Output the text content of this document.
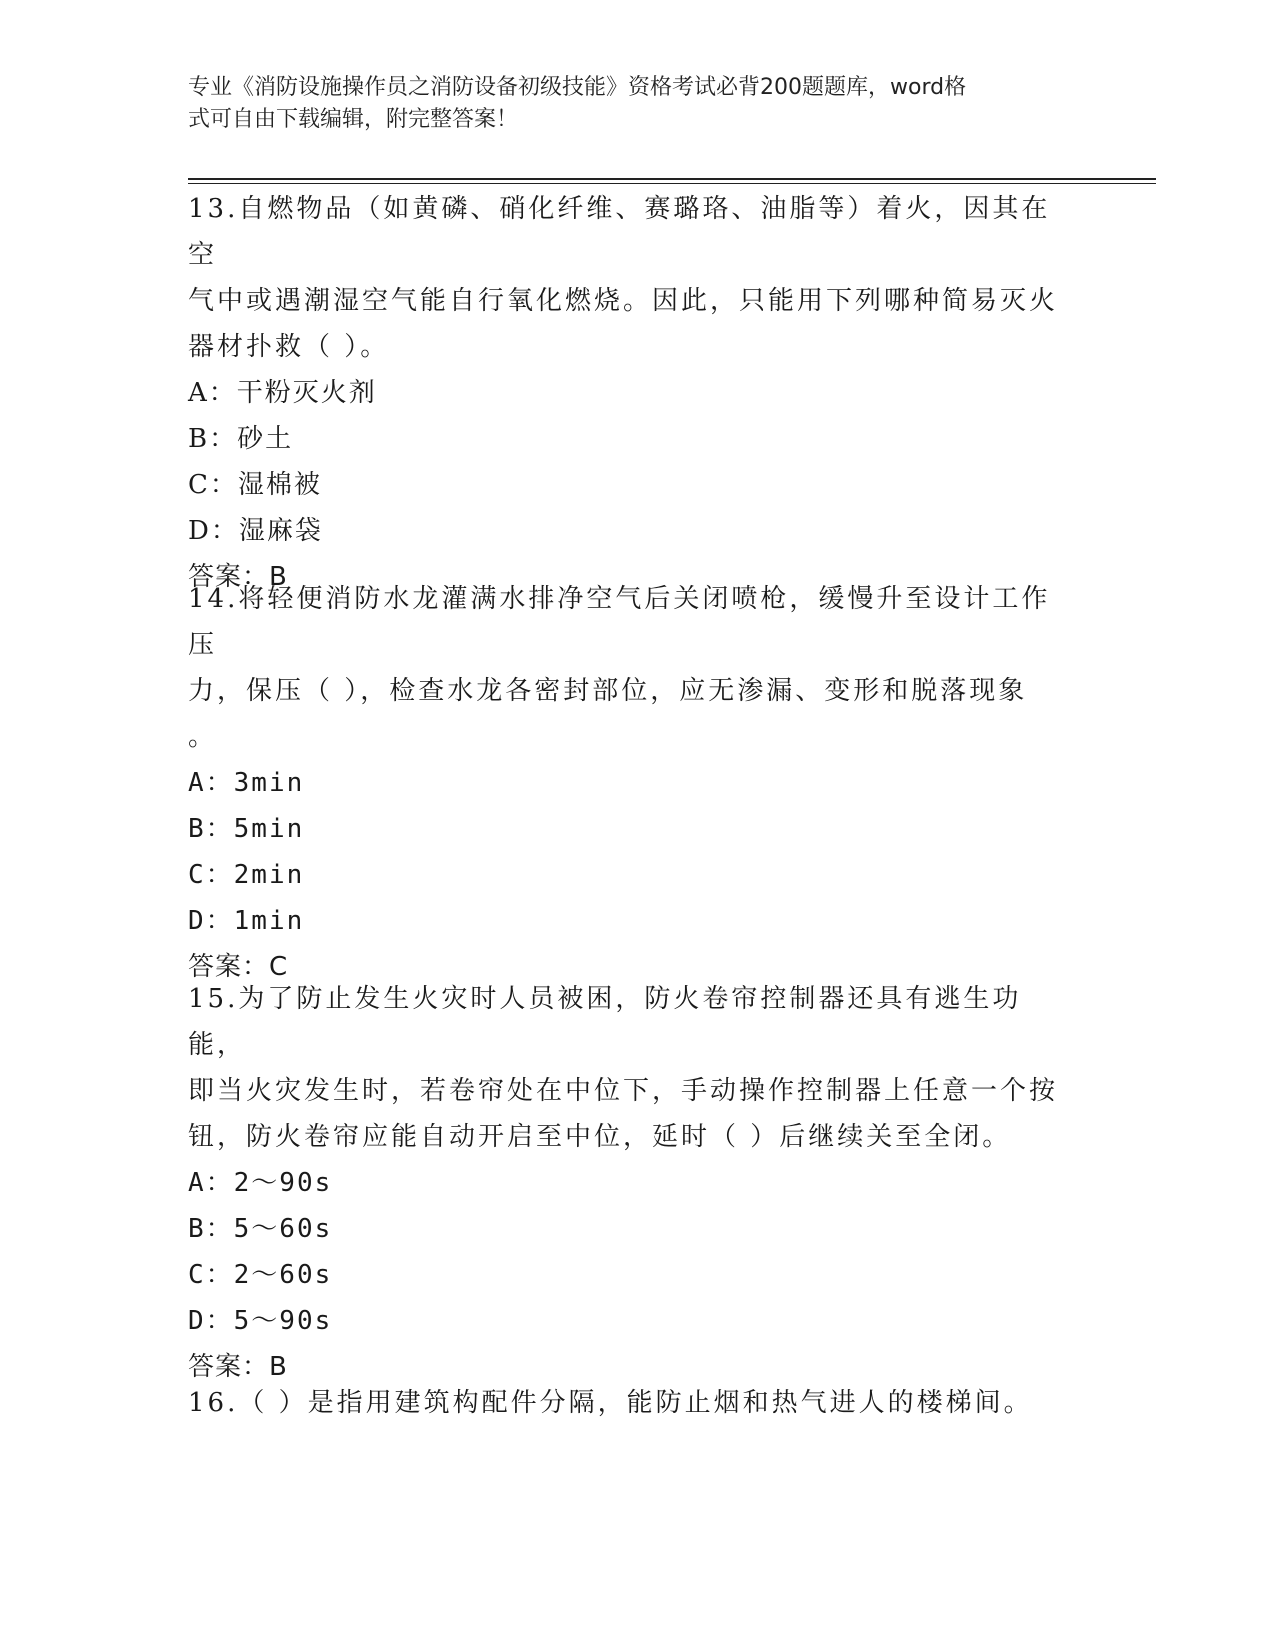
专业《消防设施操作员之消防设备初级技能》资格考试必背200题题库，word格
式可自由下载编辑，附完整答案！

13.自燃物品（如黄磷、硝化纤维、赛璐珞、油脂等）着火，因其在空

气中或遇潮湿空气能自行氧化燃烧。因此，只能用下列哪种简易灭火

器材扑救（ ）。

A：干粉灭火剂

B：砂土

C：湿棉被

D：湿麻袋

答案：B

14.将轻便消防水龙灌满水排净空气后关闭喷枪，缓慢升至设计工作压

力，保压（ ），检查水龙各密封部位，应无渗漏、变形和脱落现象

。

A：3min

B：5min

C：2min

D：1min

答案：C

15.为了防止发生火灾时人员被困，防火卷帘控制器还具有逃生功能，

即当火灾发生时，若卷帘处在中位下，手动操作控制器上任意一个按

钮，防火卷帘应能自动开启至中位，延时（ ）后继续关至全闭。

A：2～90s

B：5～60s

C：2～60s

D：5～90s

答案：B

16.（ ）是指用建筑构配件分隔，能防止烟和热气进人的楼梯间。
